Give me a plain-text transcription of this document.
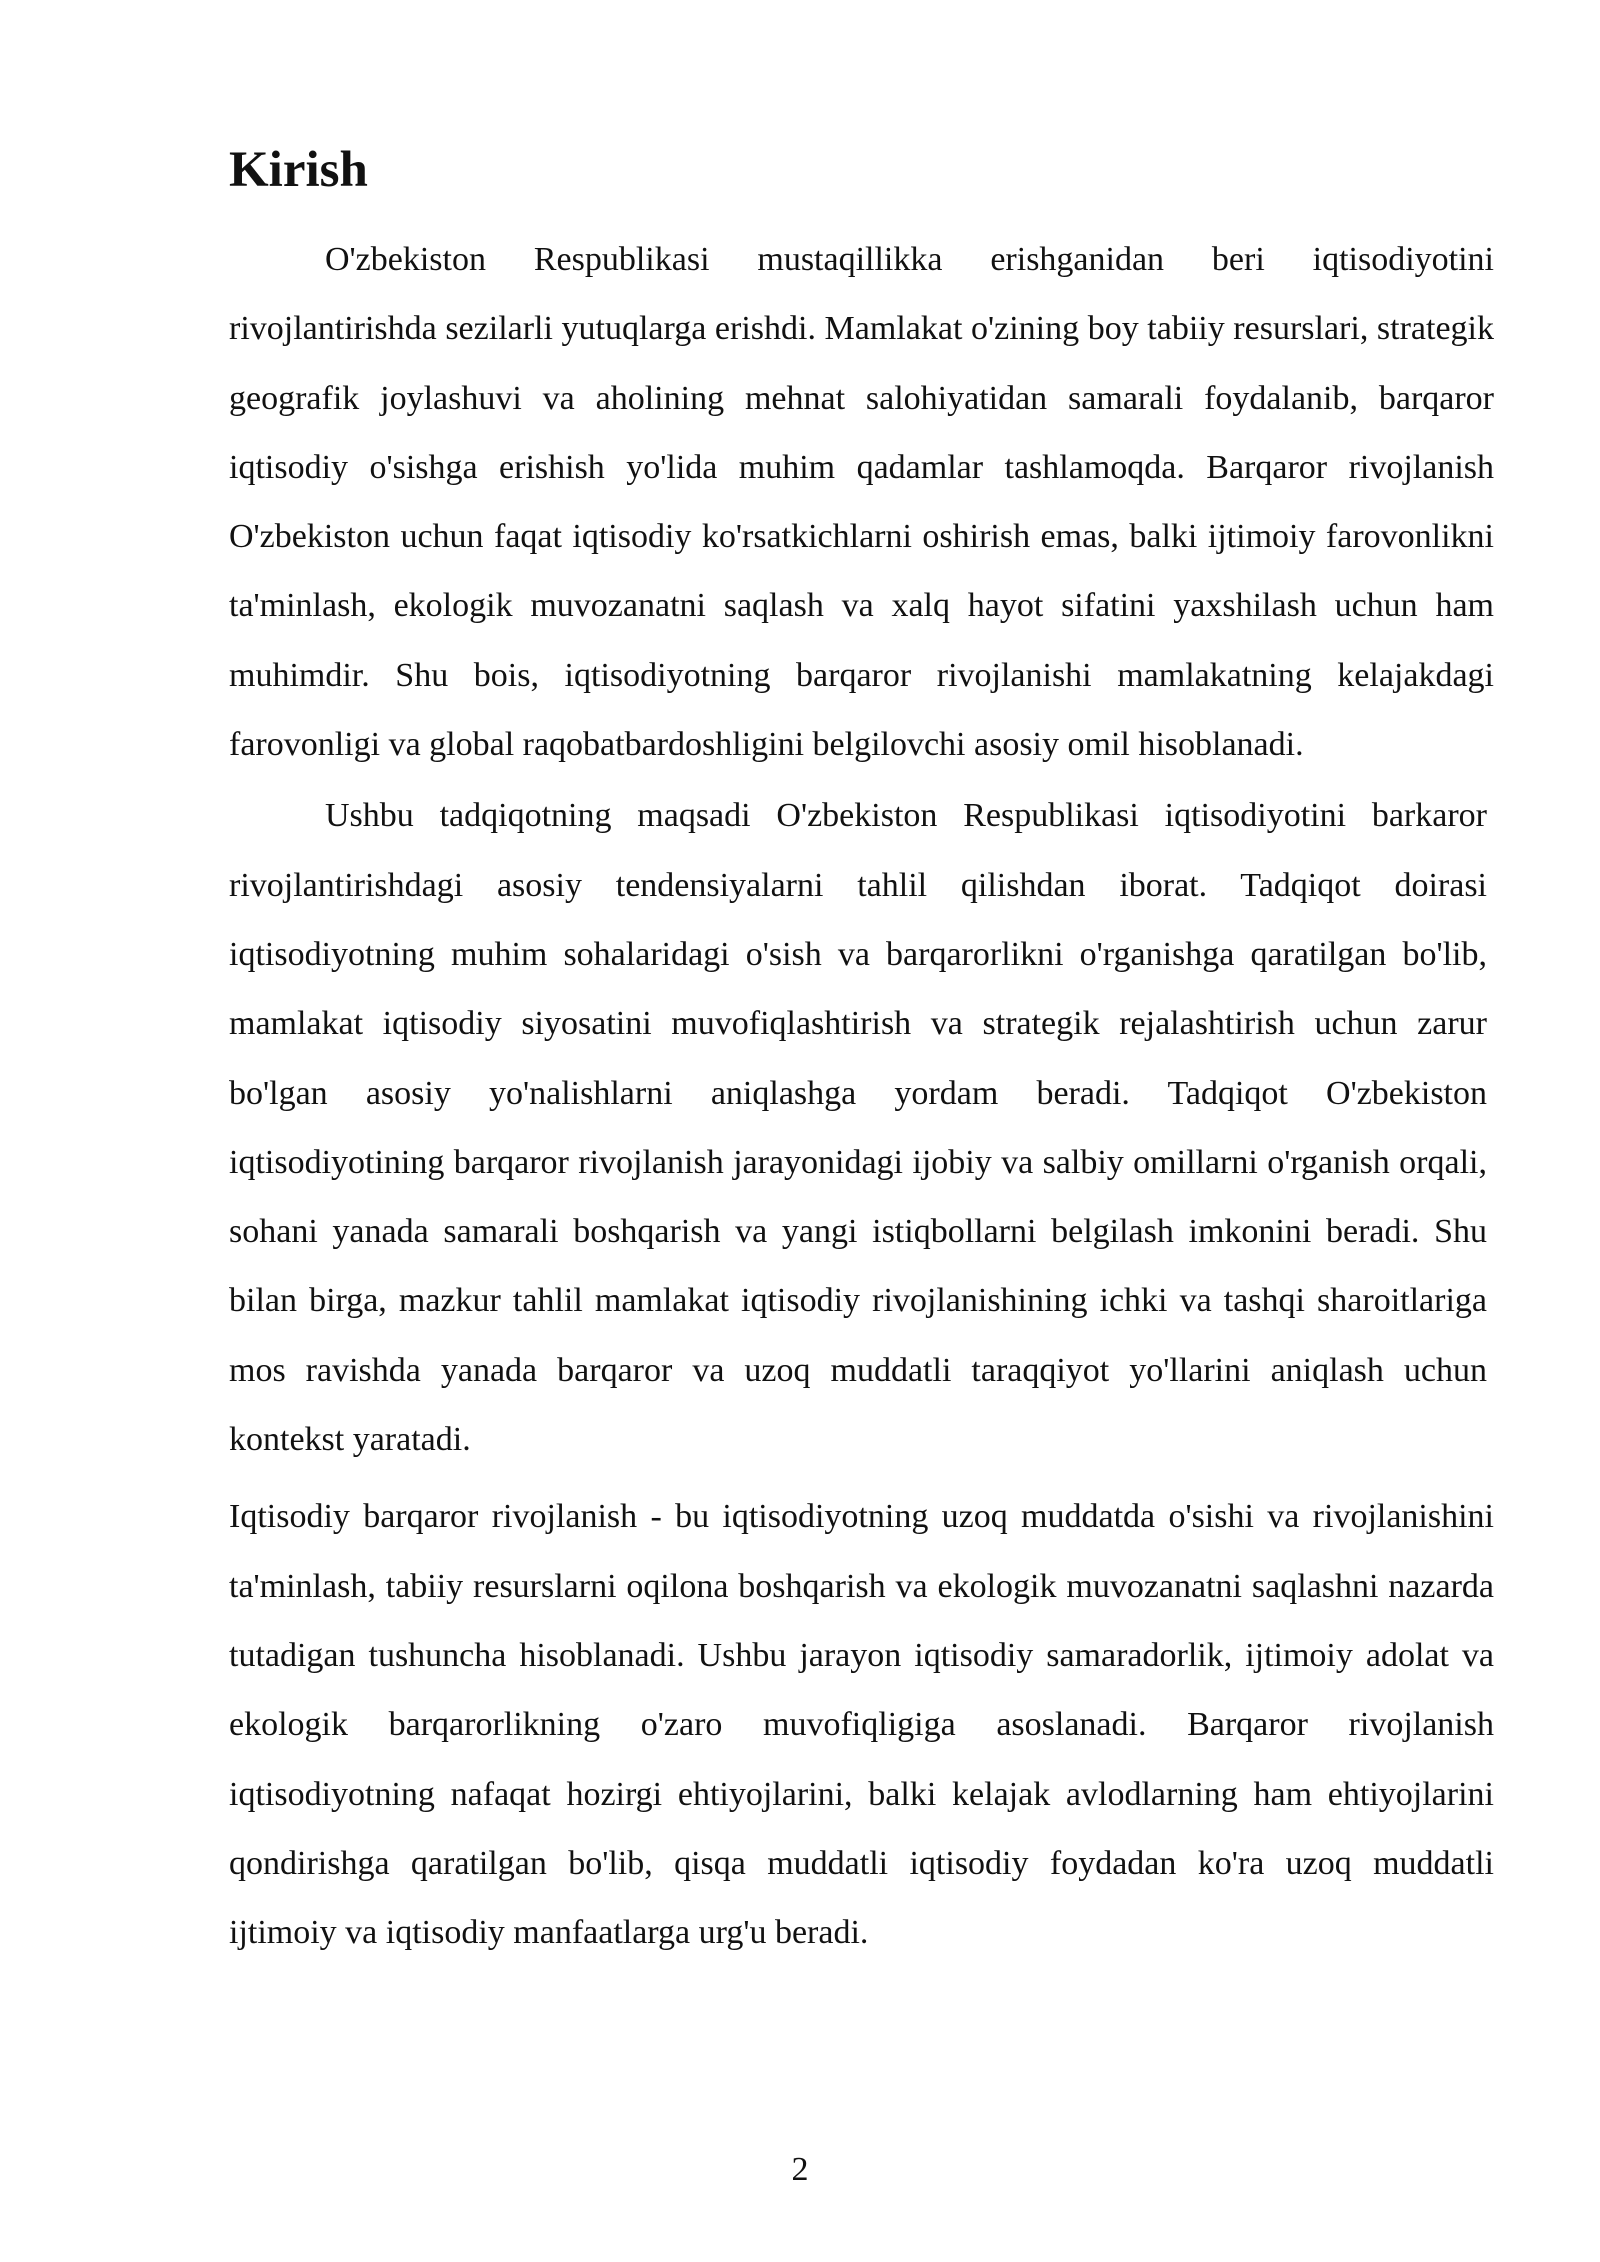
Kirish

O'zbekiston Respublikasi mustaqillikka erishganidan beri iqtisodiyotini rivojlantirishda sezilarli yutuqlarga erishdi. Mamlakat o'zining boy tabiiy resurslari, strategik geografik joylashuvi va aholining mehnat salohiyatidan samarali foydalanib, barqaror iqtisodiy o'sishga erishish yo'lida muhim qadamlar tashlamoqda. Barqaror rivojlanish O'zbekiston uchun faqat iqtisodiy ko'rsatkichlarni oshirish emas, balki ijtimoiy farovonlikni ta'minlash, ekologik muvozanatni saqlash va xalq hayot sifatini yaxshilash uchun ham muhimdir. Shu bois, iqtisodiyotning barqaror rivojlanishi mamlakatning kelajakdagi farovonligi va global raqobatbardoshligini belgilovchi asosiy omil hisoblanadi.

Ushbu tadqiqotning maqsadi O'zbekiston Respublikasi iqtisodiyotini barkaror rivojlantirishdagi asosiy tendensiyalarni tahlil qilishdan iborat. Tadqiqot doirasi iqtisodiyotning muhim sohalaridagi o'sish va barqarorlikni o'rganishga qaratilgan bo'lib, mamlakat iqtisodiy siyosatini muvofiqlashtirish va strategik rejalashtirish uchun zarur bo'lgan asosiy yo'nalishlarni aniqlashga yordam beradi. Tadqiqot O'zbekiston iqtisodiyotining barqaror rivojlanish jarayonidagi ijobiy va salbiy omillarni o'rganish orqali, sohani yanada samarali boshqarish va yangi istiqbollarni belgilash imkonini beradi. Shu bilan birga, mazkur tahlil mamlakat iqtisodiy rivojlanishining ichki va tashqi sharoitlariga mos ravishda yanada barqaror va uzoq muddatli taraqqiyot yo'llarini aniqlash uchun kontekst yaratadi.

Iqtisodiy barqaror rivojlanish - bu iqtisodiyotning uzoq muddatda o'sishi va rivojlanishini ta'minlash, tabiiy resurslarni oqilona boshqarish va ekologik muvozanatni saqlashni nazarda tutadigan tushuncha hisoblanadi. Ushbu jarayon iqtisodiy samaradorlik, ijtimoiy adolat va ekologik barqarorlikning o'zaro muvofiqligiga asoslanadi. Barqaror rivojlanish iqtisodiyotning nafaqat hozirgi ehtiyojlarini, balki kelajak avlodlarning ham ehtiyojlarini qondirishga qaratilgan bo'lib, qisqa muddatli iqtisodiy foydadan ko'ra uzoq muddatli ijtimoiy va iqtisodiy manfaatlarga urg'u beradi.

2
